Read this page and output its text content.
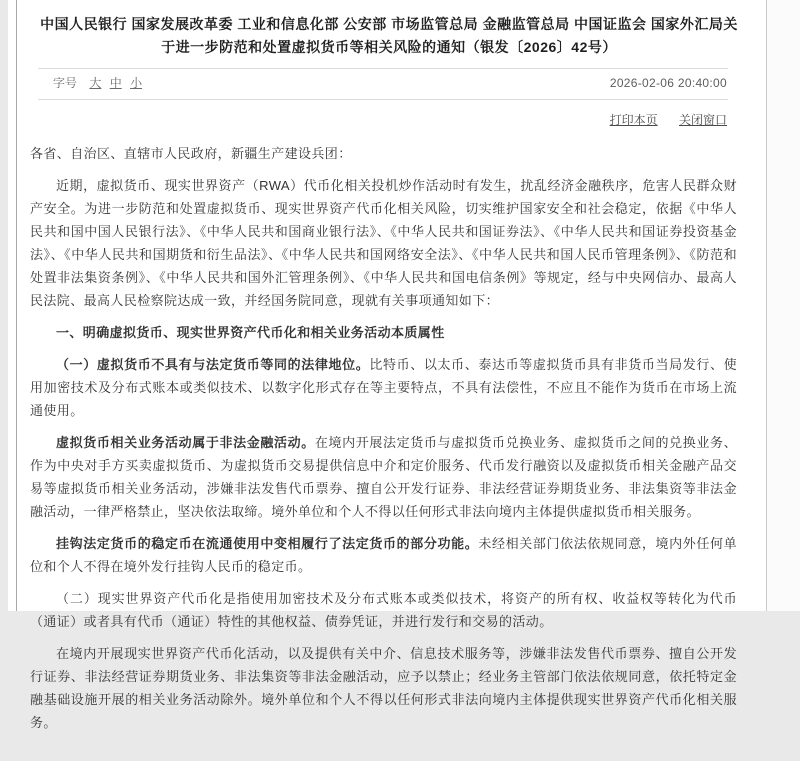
中国人民银行 国家发展改革委 工业和信息化部 公安部 市场监管总局 金融监管总局 中国证监会 国家外汇局关于进一步防范和处置虚拟货币等相关风险的通知（银发〔2026〕42号）
字号 大 中 小	2026-02-06 20:40:00
打印本页 关闭窗口

各省、自治区、直辖市人民政府，新疆生产建设兵团：

近期，虚拟货币、现实世界资产（RWA）代币化相关投机炒作活动时有发生，扰乱经济金融秩序，危害人民群众财产安全。为进一步防范和处置虚拟货币、现实世界资产代币化相关风险，切实维护国家安全和社会稳定，依据《中华人民共和国中国人民银行法》、《中华人民共和国商业银行法》、《中华人民共和国证券法》、《中华人民共和国证券投资基金法》、《中华人民共和国期货和衍生品法》、《中华人民共和国网络安全法》、《中华人民共和国人民币管理条例》、《防范和处置非法集资条例》、《中华人民共和国外汇管理条例》、《中华人民共和国电信条例》等规定，经与中央网信办、最高人民法院、最高人民检察院达成一致，并经国务院同意，现就有关事项通知如下：

一、明确虚拟货币、现实世界资产代币化和相关业务活动本质属性

（一）虚拟货币不具有与法定货币等同的法律地位。比特币、以太币、泰达币等虚拟货币具有非货币当局发行、使用加密技术及分布式账本或类似技术、以数字化形式存在等主要特点，不具有法偿性，不应且不能作为货币在市场上流通使用。

虚拟货币相关业务活动属于非法金融活动。在境内开展法定货币与虚拟货币兑换业务、虚拟货币之间的兑换业务、作为中央对手方买卖虚拟货币、为虚拟货币交易提供信息中介和定价服务、代币发行融资以及虚拟货币相关金融产品交易等虚拟货币相关业务活动，涉嫌非法发售代币票券、擅自公开发行证券、非法经营证券期货业务、非法集资等非法金融活动，一律严格禁止，坚决依法取缔。境外单位和个人不得以任何形式非法向境内主体提供虚拟货币相关服务。

挂钩法定货币的稳定币在流通使用中变相履行了法定货币的部分功能。未经相关部门依法依规同意，境内外任何单位和个人不得在境外发行挂钩人民币的稳定币。

（二）现实世界资产代币化是指使用加密技术及分布式账本或类似技术，将资产的所有权、收益权等转化为代币（通证）或者具有代币（通证）特性的其他权益、债券凭证，并进行发行和交易的活动。

在境内开展现实世界资产代币化活动，以及提供有关中介、信息技术服务等，涉嫌非法发售代币票券、擅自公开发行证券、非法经营证券期货业务、非法集资等非法金融活动，应予以禁止；经业务主管部门依法依规同意，依托特定金融基础设施开展的相关业务活动除外。境外单位和个人不得以任何形式非法向境内主体提供现实世界资产代币化相关服务。
